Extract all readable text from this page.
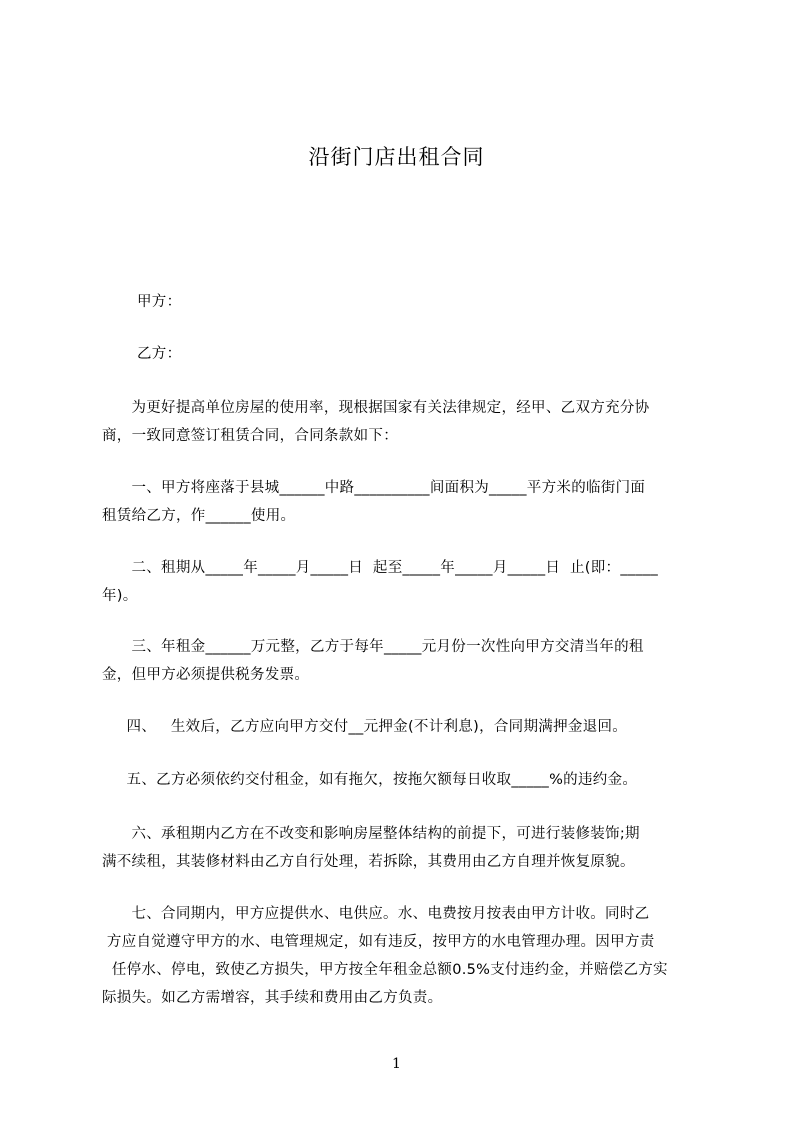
沿街门店出租合同
甲方：
乙方：
为更好提高单位房屋的使用率，现根据国家有关法律规定，经甲、乙双方充分协
商，一致同意签订租赁合同，合同条款如下：
一、甲方将座落于县城______中路__________间面积为_____平方米的临街门面
租赁给乙方，作______使用。
二、租期从_____年_____月_____日  起至_____年_____月_____日  止(即：_____
年)。
三、年租金______万元整，乙方于每年_____元月份一次性向甲方交清当年的租
金，但甲方必须提供税务发票。
四、   生效后，乙方应向甲方交付__元押金(不计利息)，合同期满押金退回。
五、乙方必须依约交付租金，如有拖欠，按拖欠额每日收取_____%的违约金。
六、承租期内乙方在不改变和影响房屋整体结构的前提下，可进行装修装饰;期
满不续租，其装修材料由乙方自行处理，若拆除，其费用由乙方自理并恢复原貌。
七、合同期内，甲方应提供水、电供应。水、电费按月按表由甲方计收。同时乙
方应自觉遵守甲方的水、电管理规定，如有违反，按甲方的水电管理办理。因甲方责
任停水、停电，致使乙方损失，甲方按全年租金总额0.5%支付违约金，并赔偿乙方实
际损失。如乙方需增容，其手续和费用由乙方负责。
1
